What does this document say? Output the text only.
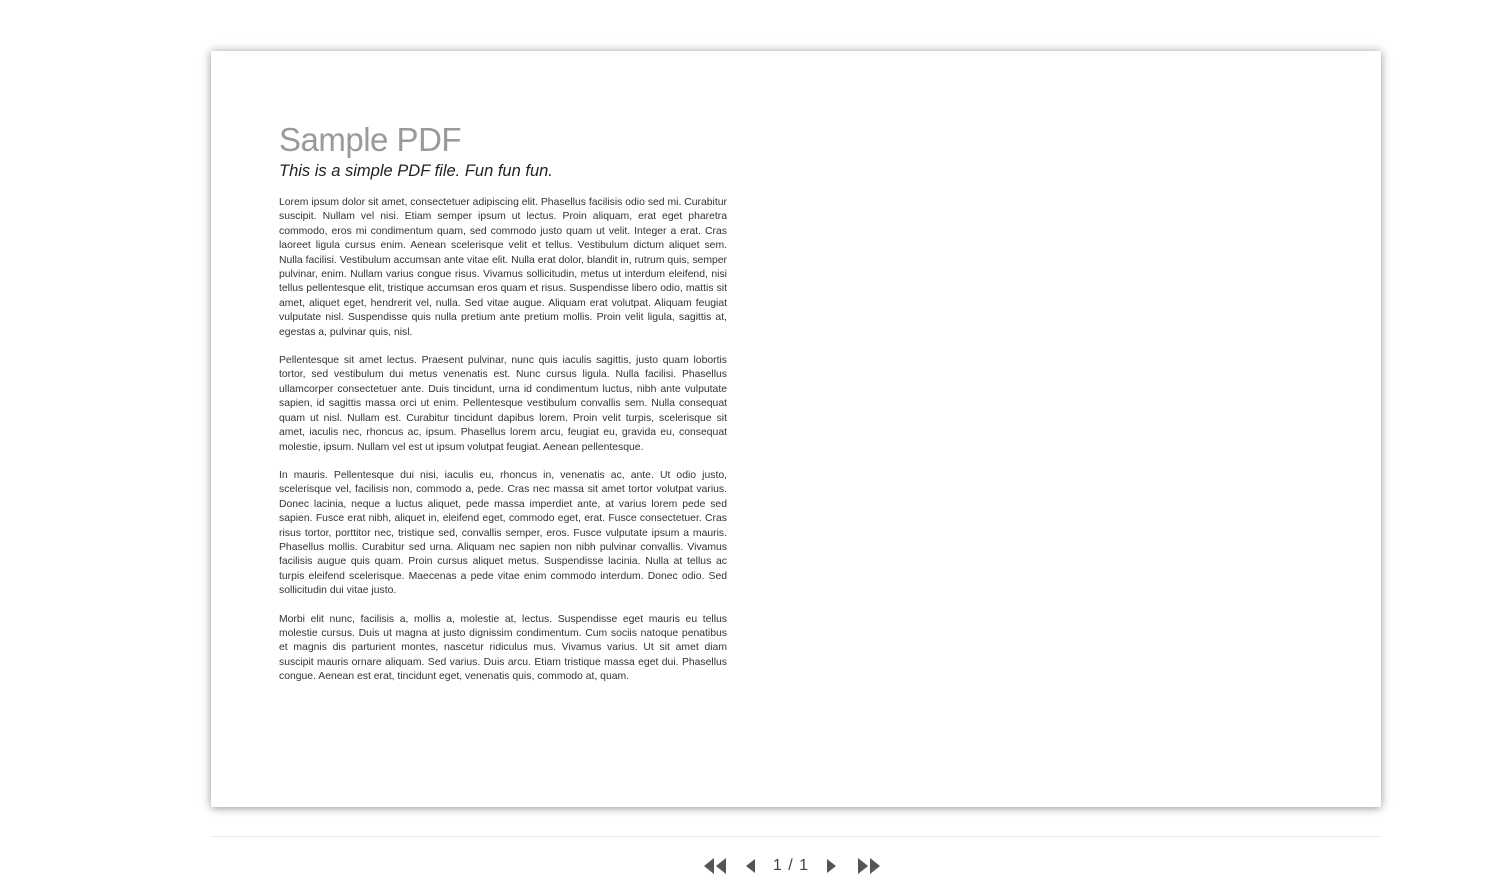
Sample PDF

This is a simple PDF file. Fun fun fun.

Lorem ipsum dolor sit amet, consectetuer adipiscing elit. Phasellus facilisis odio sed mi. Curabitur suscipit. Nullam vel nisi. Etiam semper ipsum ut lectus. Proin aliquam, erat eget pharetra commodo, eros mi condimentum quam, sed commodo justo quam ut velit. Integer a erat. Cras laoreet ligula cursus enim. Aenean scelerisque velit et tellus. Vestibulum dictum aliquet sem. Nulla facilisi. Vestibulum accumsan ante vitae elit. Nulla erat dolor, blandit in, rutrum quis, semper pulvinar, enim. Nullam varius congue risus. Vivamus sollicitudin, metus ut interdum eleifend, nisi tellus pellentesque elit, tristique accumsan eros quam et risus. Suspendisse libero odio, mattis sit amet, aliquet eget, hendrerit vel, nulla. Sed vitae augue. Aliquam erat volutpat. Aliquam feugiat vulputate nisl. Suspendisse quis nulla pretium ante pretium mollis. Proin velit ligula, sagittis at, egestas a, pulvinar quis, nisl.

Pellentesque sit amet lectus. Praesent pulvinar, nunc quis iaculis sagittis, justo quam lobortis tortor, sed vestibulum dui metus venenatis est. Nunc cursus ligula. Nulla facilisi. Phasellus ullamcorper consectetuer ante. Duis tincidunt, urna id condimentum luctus, nibh ante vulputate sapien, id sagittis massa orci ut enim. Pellentesque vestibulum convallis sem. Nulla consequat quam ut nisl. Nullam est. Curabitur tincidunt dapibus lorem. Proin velit turpis, scelerisque sit amet, iaculis nec, rhoncus ac, ipsum. Phasellus lorem arcu, feugiat eu, gravida eu, consequat molestie, ipsum. Nullam vel est ut ipsum volutpat feugiat. Aenean pellentesque.

In mauris. Pellentesque dui nisi, iaculis eu, rhoncus in, venenatis ac, ante. Ut odio justo, scelerisque vel, facilisis non, commodo a, pede. Cras nec massa sit amet tortor volutpat varius. Donec lacinia, neque a luctus aliquet, pede massa imperdiet ante, at varius lorem pede sed sapien. Fusce erat nibh, aliquet in, eleifend eget, commodo eget, erat. Fusce consectetuer. Cras risus tortor, porttitor nec, tristique sed, convallis semper, eros. Fusce vulputate ipsum a mauris. Phasellus mollis. Curabitur sed urna. Aliquam nec sapien non nibh pulvinar convallis. Vivamus facilisis augue quis quam. Proin cursus aliquet metus. Suspendisse lacinia. Nulla at tellus ac turpis eleifend scelerisque. Maecenas a pede vitae enim commodo interdum. Donec odio. Sed sollicitudin dui vitae justo.

Morbi elit nunc, facilisis a, mollis a, molestie at, lectus. Suspendisse eget mauris eu tellus molestie cursus. Duis ut magna at justo dignissim condimentum. Cum sociis natoque penatibus et magnis dis parturient montes, nascetur ridiculus mus. Vivamus varius. Ut sit amet diam suscipit mauris ornare aliquam. Sed varius. Duis arcu. Etiam tristique massa eget dui. Phasellus congue. Aenean est erat, tincidunt eget, venenatis quis, commodo at, quam.

1 / 1
